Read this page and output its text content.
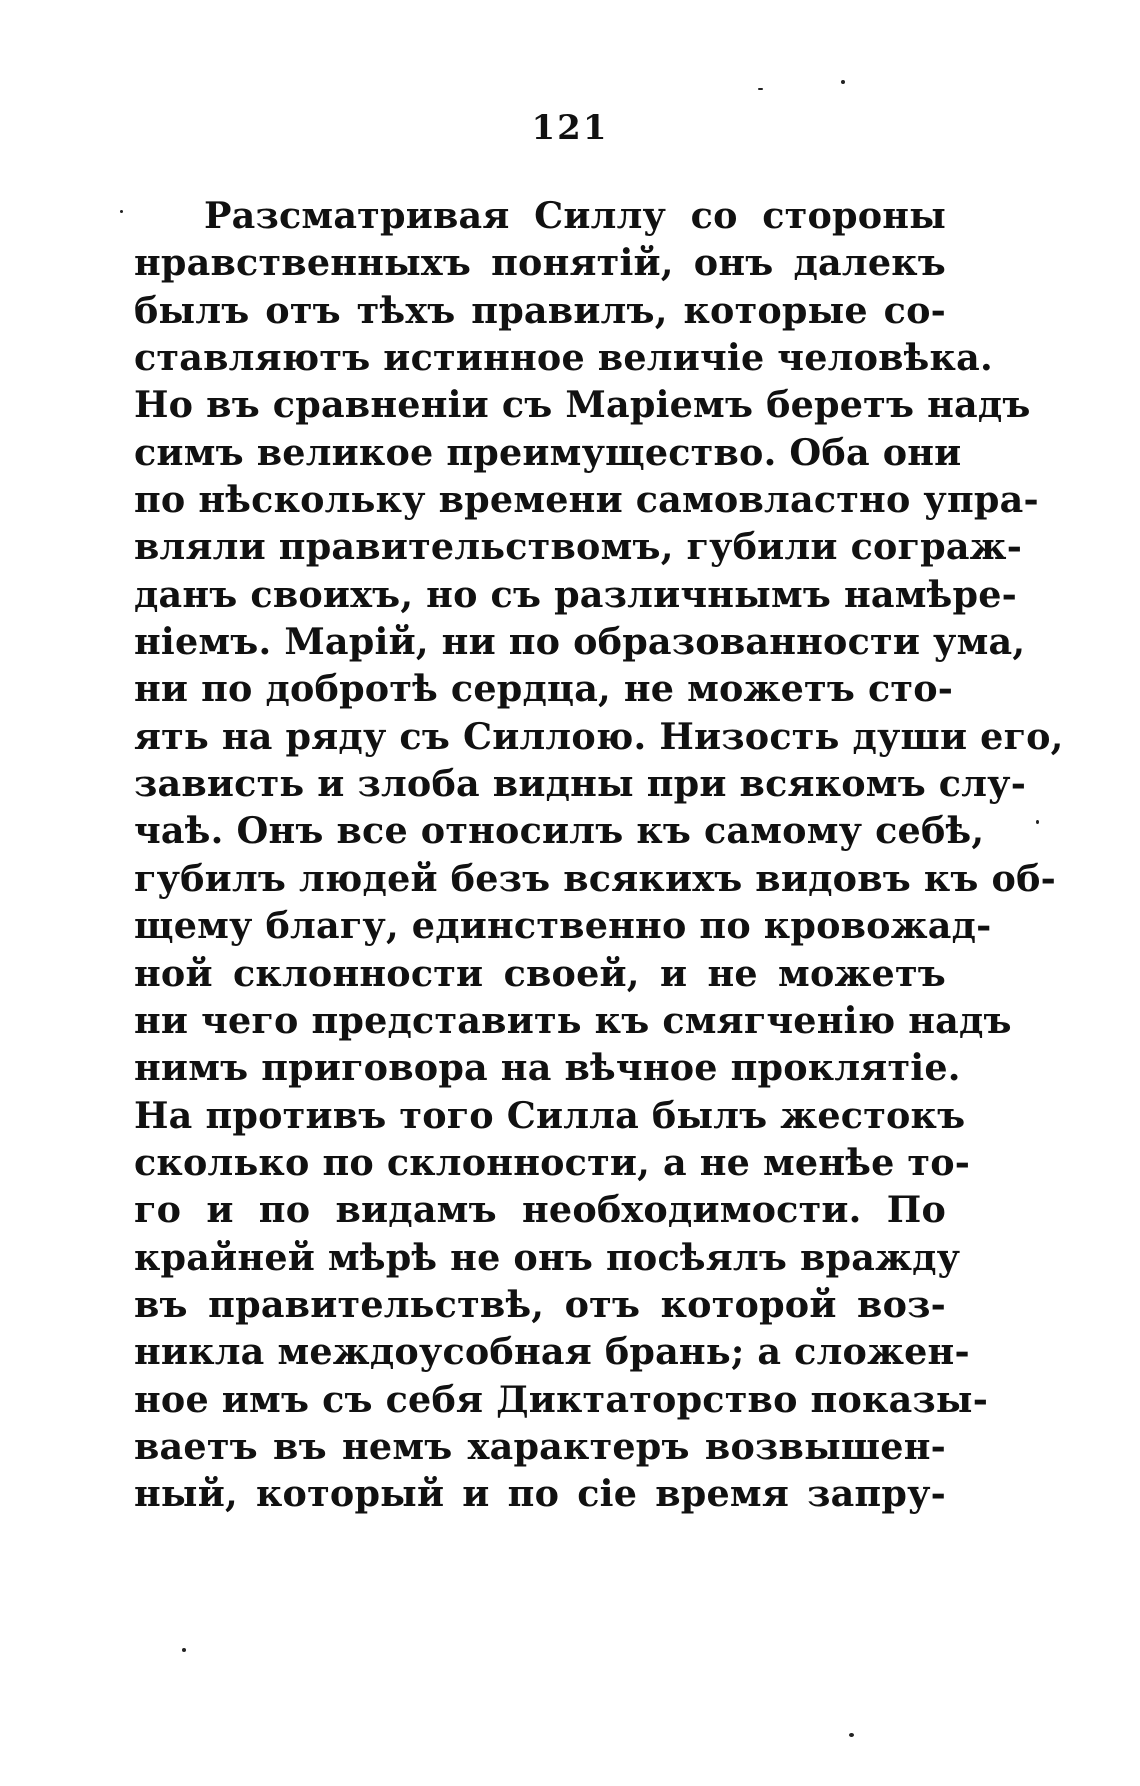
121
Разсматривая Силлу со стороны
нравственныхъ понятій, онъ далекъ
былъ отъ тѣхъ правилъ, которые со-
ставляютъ истинное величіе человѣка.
Но въ сравненіи съ Маріемъ беретъ надъ
симъ великое преимущество. Оба они
по нѣскольку времени самовластно упра-
вляли правительствомъ, губили сограж-
данъ своихъ, но съ различнымъ намѣре-
ніемъ. Марій, ни по образованности ума,
ни по добротѣ сердца, не можетъ сто-
ять на ряду съ Силлою. Низость души его,
зависть и злоба видны при всякомъ слу-
чаѣ. Онъ все относилъ къ самому себѣ,
губилъ людей безъ всякихъ видовъ къ об-
щему благу, единственно по кровожад-
ной склонности своей, и не можетъ
ни чего представить къ смягченію надъ
нимъ приговора на вѣчное проклятіе.
На противъ того Силла былъ жестокъ
сколько по склонности, а не менѣе то-
го и по видамъ необходимости. По
крайней мѣрѣ не онъ посѣялъ вражду
въ правительствѣ, отъ которой воз-
никла междоусобная брань; а сложен-
ное имъ съ себя Диктаторство показы-
ваетъ въ немъ характеръ возвышен-
ный, который и по сіе время запру-
